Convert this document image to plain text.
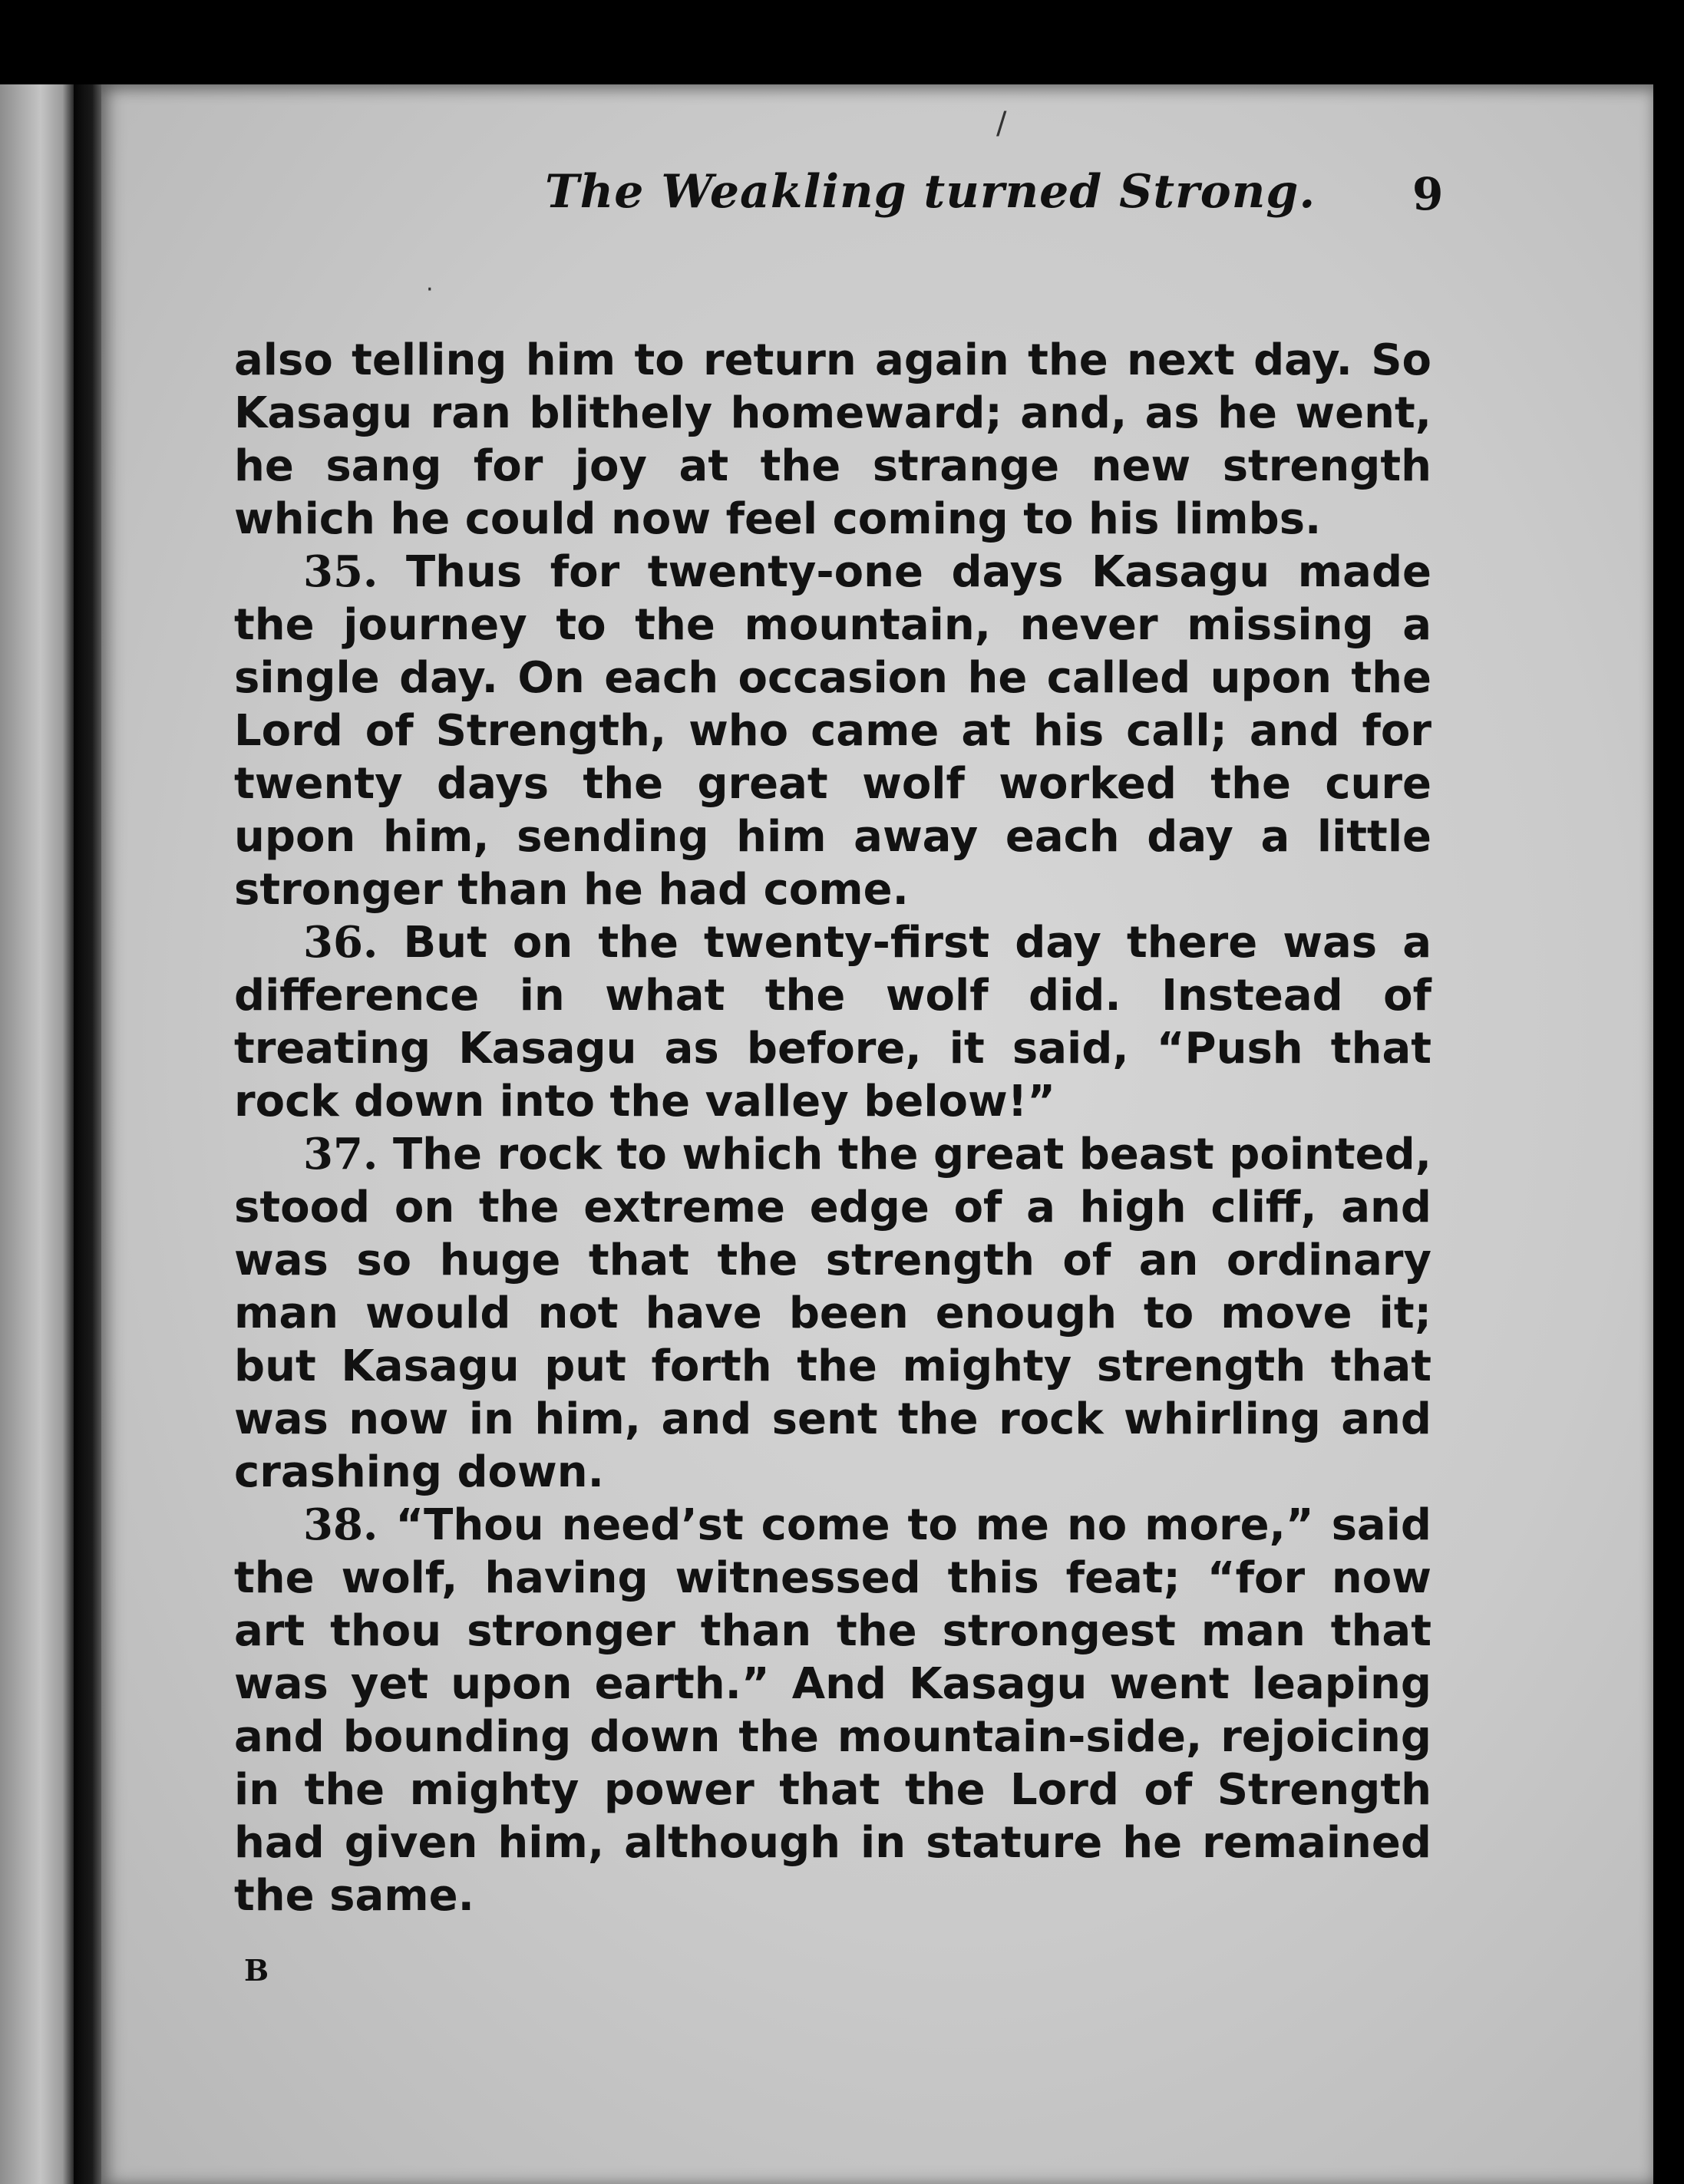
/
·
The Weakling turned Strong. 9

also telling him to return again the next day. So Kasagu ran blithely homeward; and, as he went, he sang for joy at the strange new strength which he could now feel coming to his limbs.

35. Thus for twenty-one days Kasagu made the journey to the mountain, never missing a single day. On each occasion he called upon the Lord of Strength, who came at his call; and for twenty days the great wolf worked the cure upon him, sending him away each day a little stronger than he had come.

36. But on the twenty-first day there was a difference in what the wolf did. Instead of treating Kasagu as before, it said, “Push that rock down into the valley below!”

37. The rock to which the great beast pointed, stood on the extreme edge of a high cliff, and was so huge that the strength of an ordinary man would not have been enough to move it; but Kasagu put forth the mighty strength that was now in him, and sent the rock whirling and crashing down.

38. “Thou need’st come to me no more,” said the wolf, having witnessed this feat; “for now art thou stronger than the strongest man that was yet upon earth.” And Kasagu went leaping and bounding down the mountain-side, rejoicing in the mighty power that the Lord of Strength had given him, although in stature he remained the same.

B
